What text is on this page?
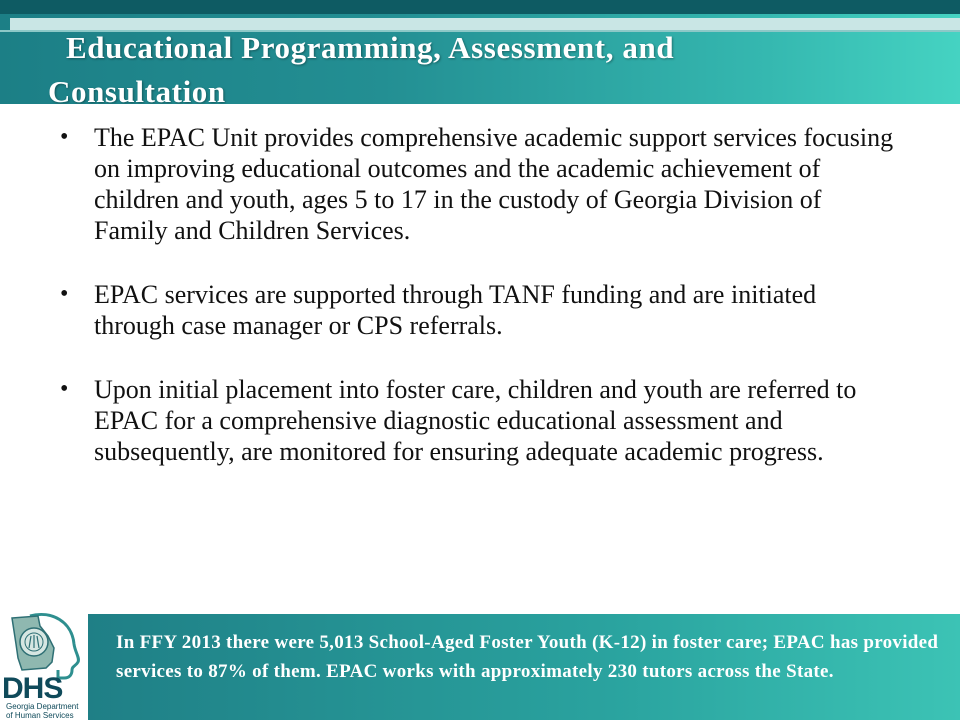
Educational Programming, Assessment, and
Consultation
• The EPAC Unit provides comprehensive academic support services focusing on improving educational outcomes and the academic achievement of children and youth, ages 5 to 17 in the custody of Georgia Division of Family and Children Services.
• EPAC services are supported through TANF funding and are initiated through case manager or CPS referrals.
• Upon initial placement into foster care, children and youth are referred to EPAC for a comprehensive diagnostic educational assessment and subsequently, are monitored for ensuring adequate academic progress.
In FFY 2013 there were 5,013 School-Aged Foster Youth (K-12) in foster care; EPAC has provided services to 87% of them. EPAC works with approximately 230 tutors across the State.
DHS
Georgia Department
of Human Services
